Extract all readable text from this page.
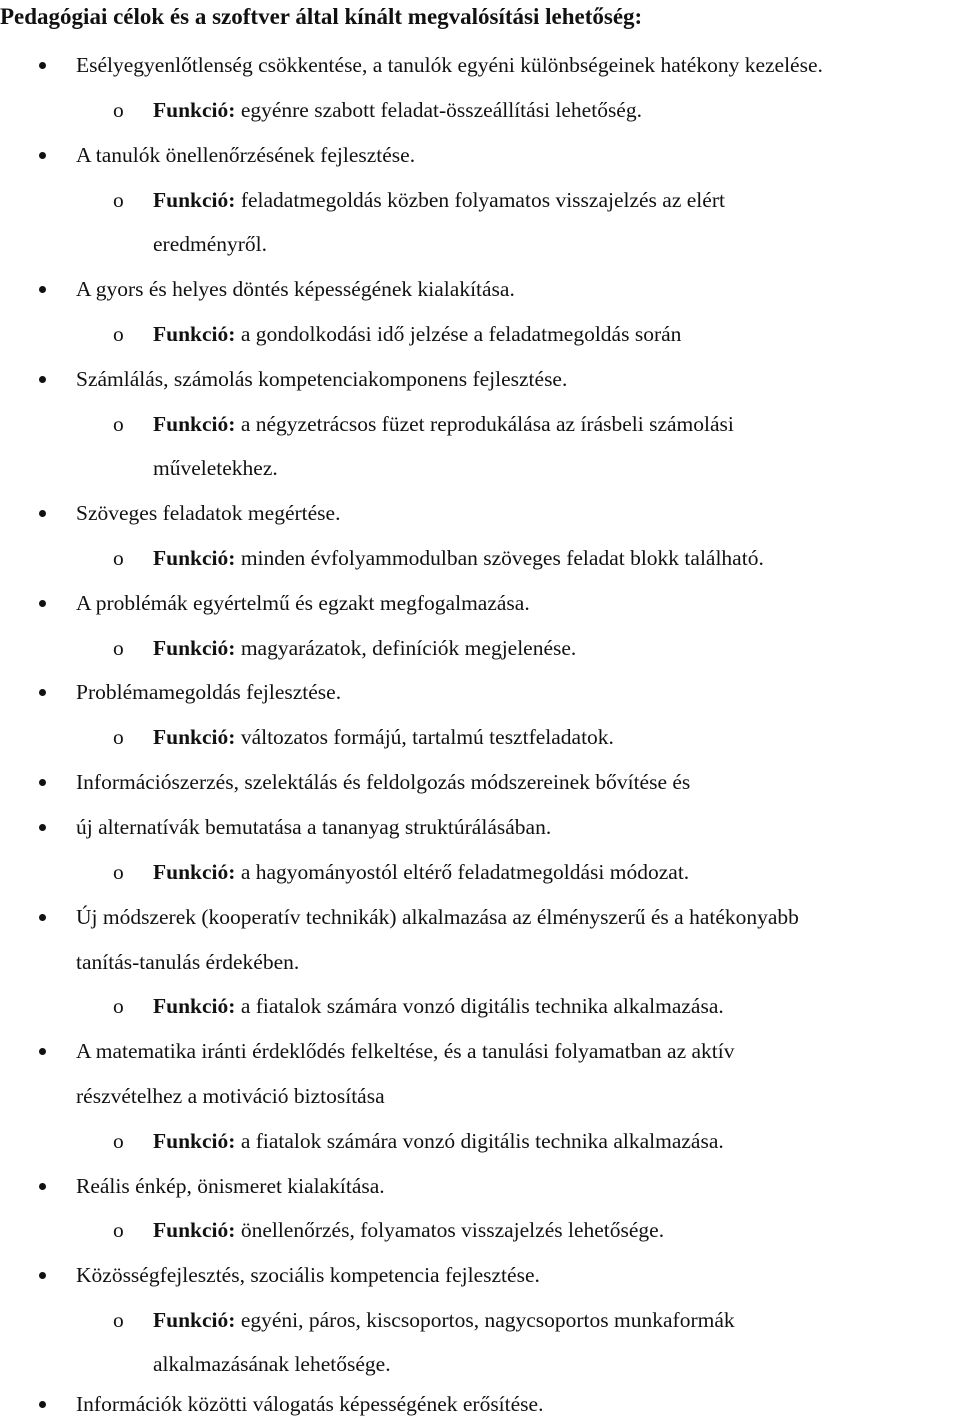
Pedagógiai célok és a szoftver által kínált megvalósítási lehetőség:
Esélyegyenlőtlenség csökkentése, a tanulók egyéni különbségeinek hatékony kezelése.
o Funkció: egyénre szabott feladat-összeállítási lehetőség.
A tanulók önellenőrzésének fejlesztése.
o Funkció: feladatmegoldás közben folyamatos visszajelzés az elért
eredményről.
A gyors és helyes döntés képességének kialakítása.
o Funkció: a gondolkodási idő jelzése a feladatmegoldás során
Számlálás, számolás kompetenciakomponens fejlesztése.
o Funkció: a négyzetrácsos füzet reprodukálása az írásbeli számolási
műveletekhez.
Szöveges feladatok megértése.
o Funkció: minden évfolyammodulban szöveges feladat blokk található.
A problémák egyértelmű és egzakt megfogalmazása.
o Funkció: magyarázatok, definíciók megjelenése.
Problémamegoldás fejlesztése.
o Funkció: változatos formájú, tartalmú tesztfeladatok.
Információszerzés, szelektálás és feldolgozás módszereinek bővítése és
új alternatívák bemutatása a tananyag struktúrálásában.
o Funkció: a hagyományostól eltérő feladatmegoldási módozat.
Új módszerek (kooperatív technikák) alkalmazása az élményszerű és a hatékonyabb
tanítás-tanulás érdekében.
o Funkció: a fiatalok számára vonzó digitális technika alkalmazása.
A matematika iránti érdeklődés felkeltése, és a tanulási folyamatban az aktív
részvételhez a motiváció biztosítása
o Funkció: a fiatalok számára vonzó digitális technika alkalmazása.
Reális énkép, önismeret kialakítása.
o Funkció: önellenőrzés, folyamatos visszajelzés lehetősége.
Közösségfejlesztés, szociális kompetencia fejlesztése.
o Funkció: egyéni, páros, kiscsoportos, nagycsoportos munkaformák
alkalmazásának lehetősége.
Információk közötti válogatás képességének erősítése.
